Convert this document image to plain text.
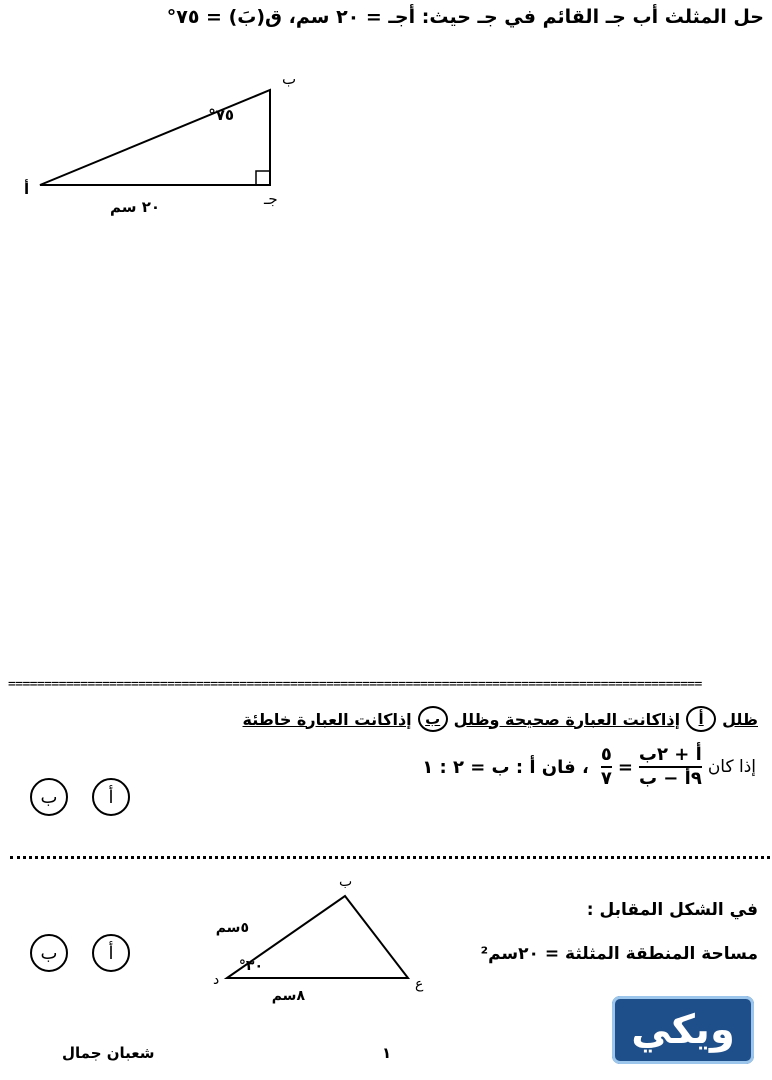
حل المثلث أب جـ القائم في جـ حيث: أجـ = ٢٠ سم، ق(بَ) = ٧٥°
ب
أ
جـ
٧٥°
٢٠ سم
================================================================================================
ظلل
أ
إذاكانت العبارة صحيحة وظلل
ب
إذاكانت العبارة خاطئة
إذا كان
$\frac{\text{أ + ٢ب}}{\text{٩أ − ب}}$
=
$\frac{٥}{٧}$
، فان أ : ب = ٢ : ١
ب	أ
في الشكل المقابل :
مساحة المنطقة المثلثة = ٢٠سم²
ب
د	ع
٥سم
٨سم
٣٠°
ب	أ
شعبان جمال	١	ويكي
